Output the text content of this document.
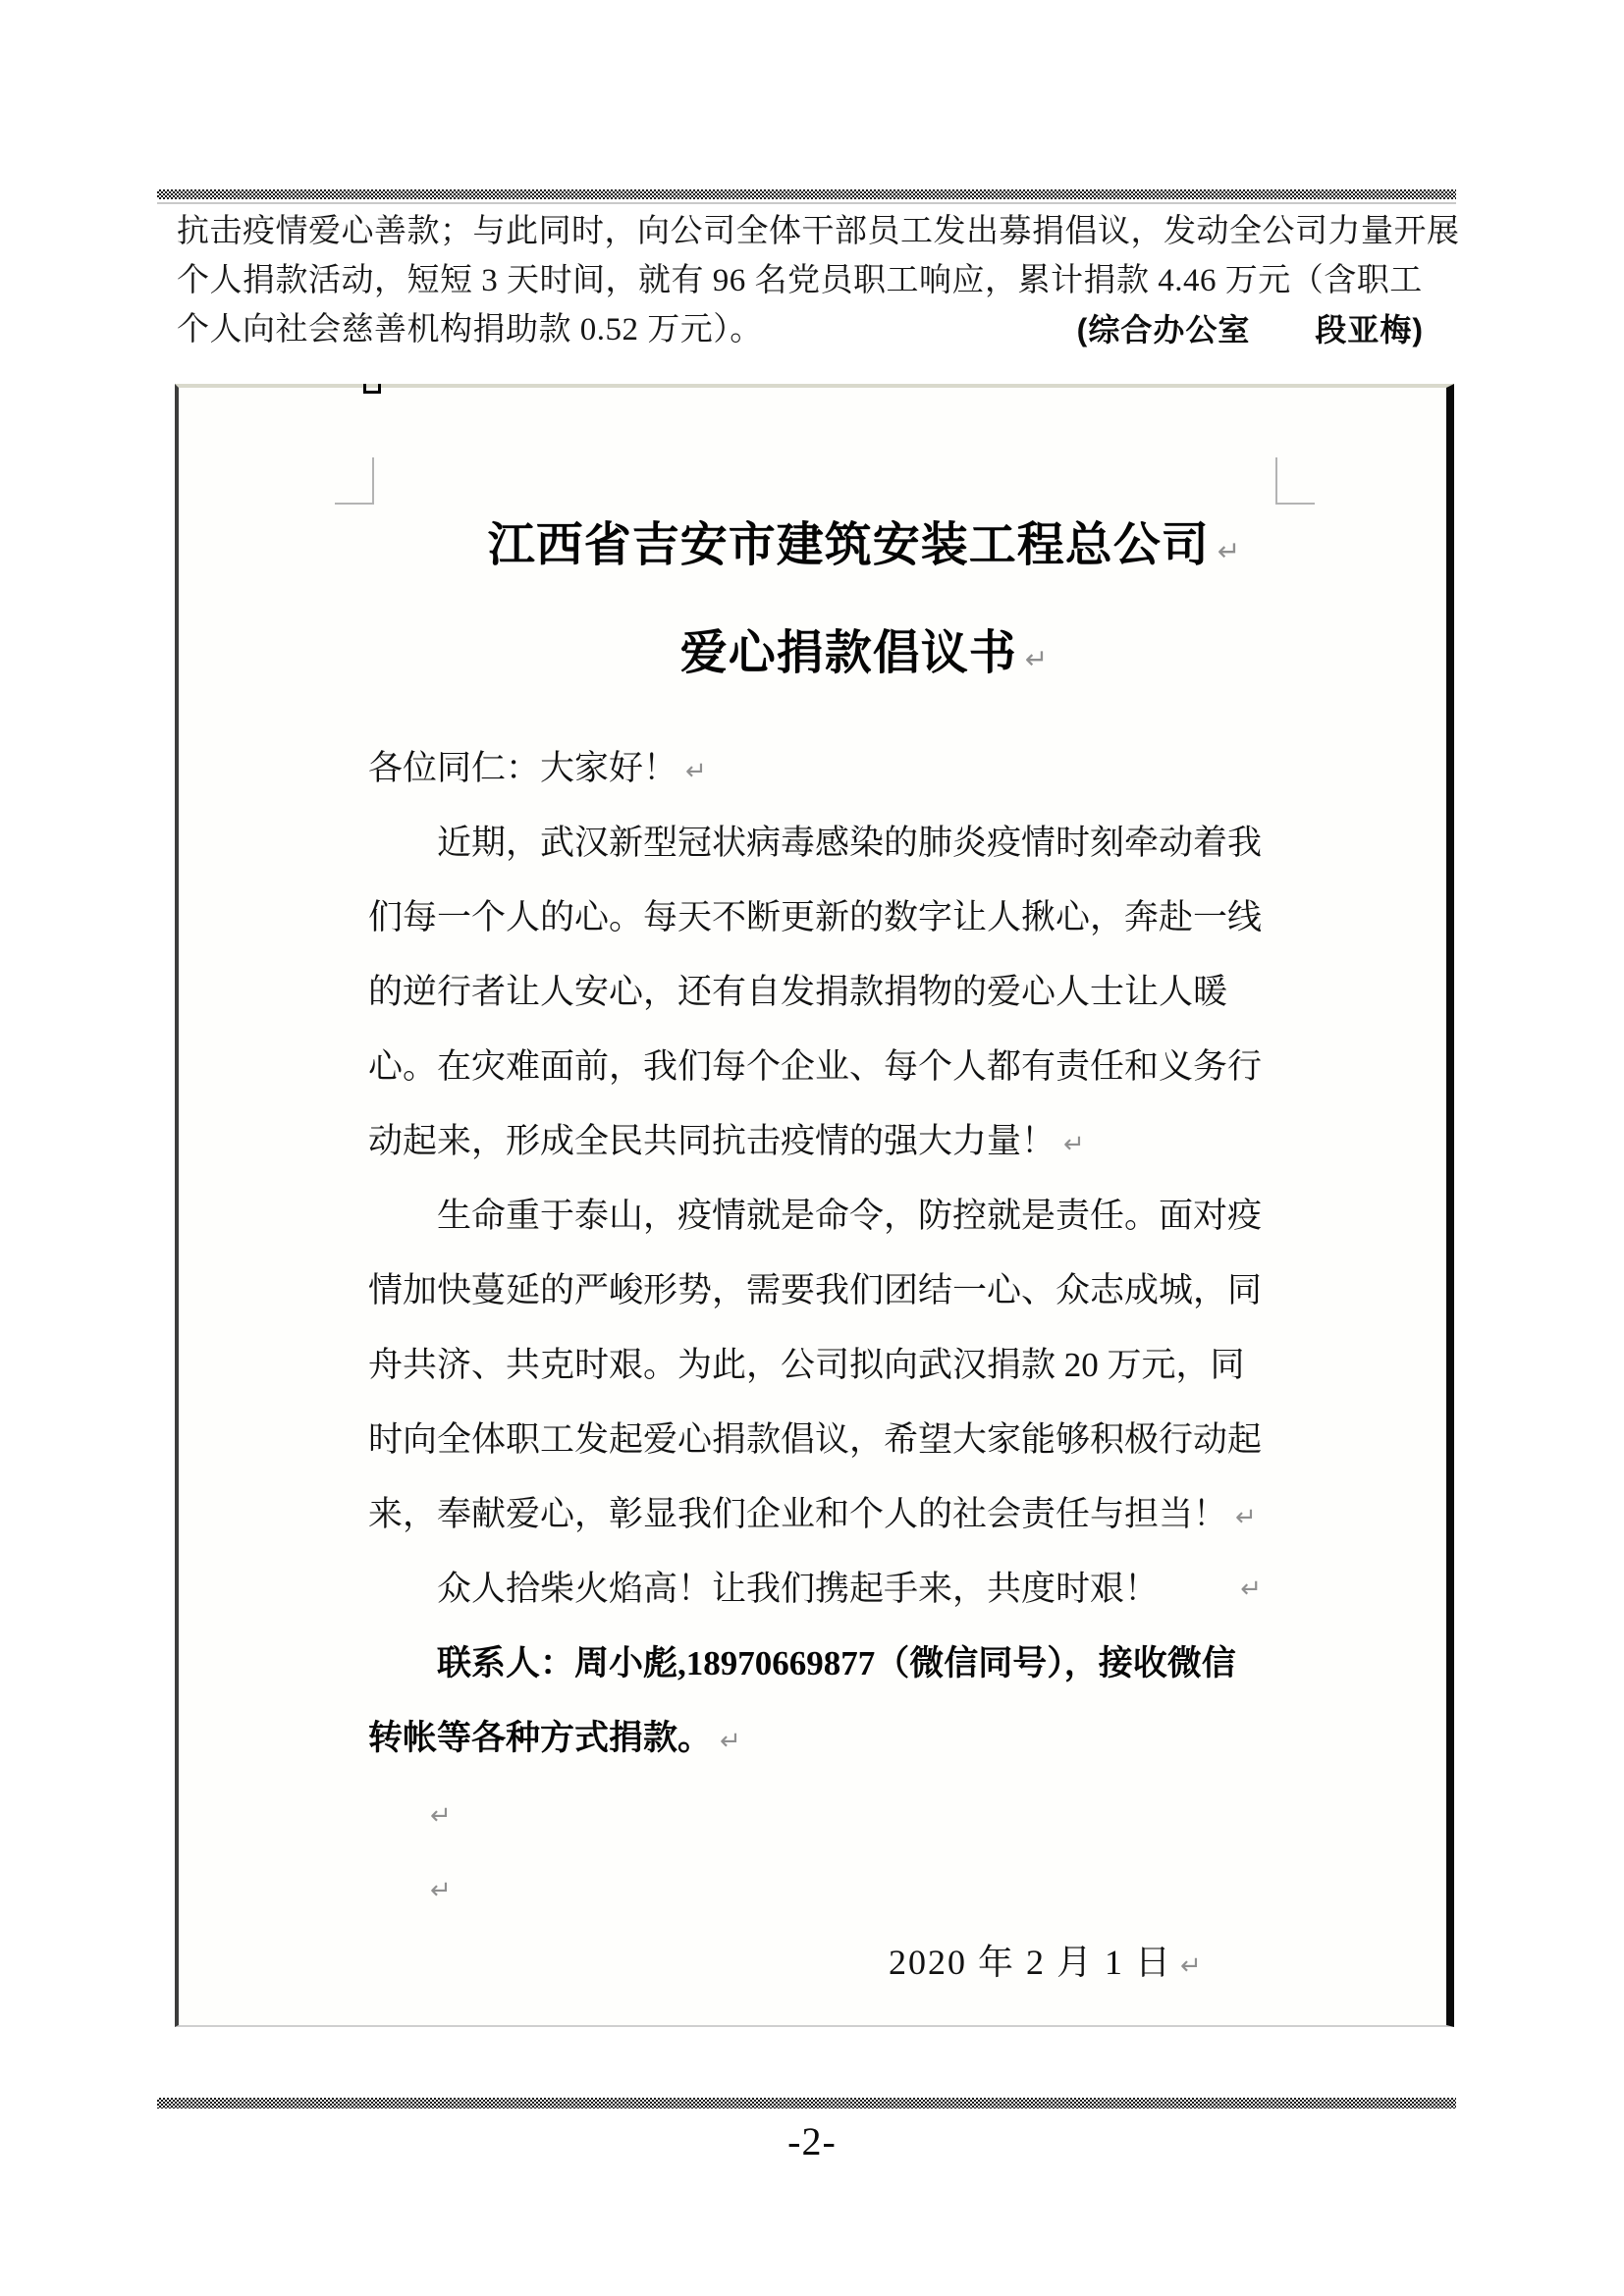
抗击疫情爱心善款；与此同时，向公司全体干部员工发出募捐倡议，发动全公司力量开展
个人捐款活动，短短 3 天时间，就有 96 名党员职工响应，累计捐款 4.46 万元（含职工
个人向社会慈善机构捐助款 0.52 万元）。	(综合办公室　　段亚梅)
江西省吉安市建筑安装工程总公司 ↵
爱心捐款倡议书 ↵
各位同仁：大家好！ ↵
近期，武汉新型冠状病毒感染的肺炎疫情时刻牵动着我
们每一个人的心。每天不断更新的数字让人揪心，奔赴一线
的逆行者让人安心，还有自发捐款捐物的爱心人士让人暖
心。在灾难面前，我们每个企业、每个人都有责任和义务行
动起来，形成全民共同抗击疫情的强大力量！ ↵
生命重于泰山，疫情就是命令，防控就是责任。面对疫
情加快蔓延的严峻形势，需要我们团结一心、众志成城，同
舟共济、共克时艰。为此，公司拟向武汉捐款 20 万元，同
时向全体职工发起爱心捐款倡议，希望大家能够积极行动起
来，奉献爱心，彰显我们企业和个人的社会责任与担当！ ↵
众人拾柴火焰高！让我们携起手来，共度时艰！	↵
联系人：周小彪,18970669877（微信同号），接收微信
转帐等各种方式捐款。 ↵
↵
↵
2020 年 2 月 1 日 ↵
-2-
